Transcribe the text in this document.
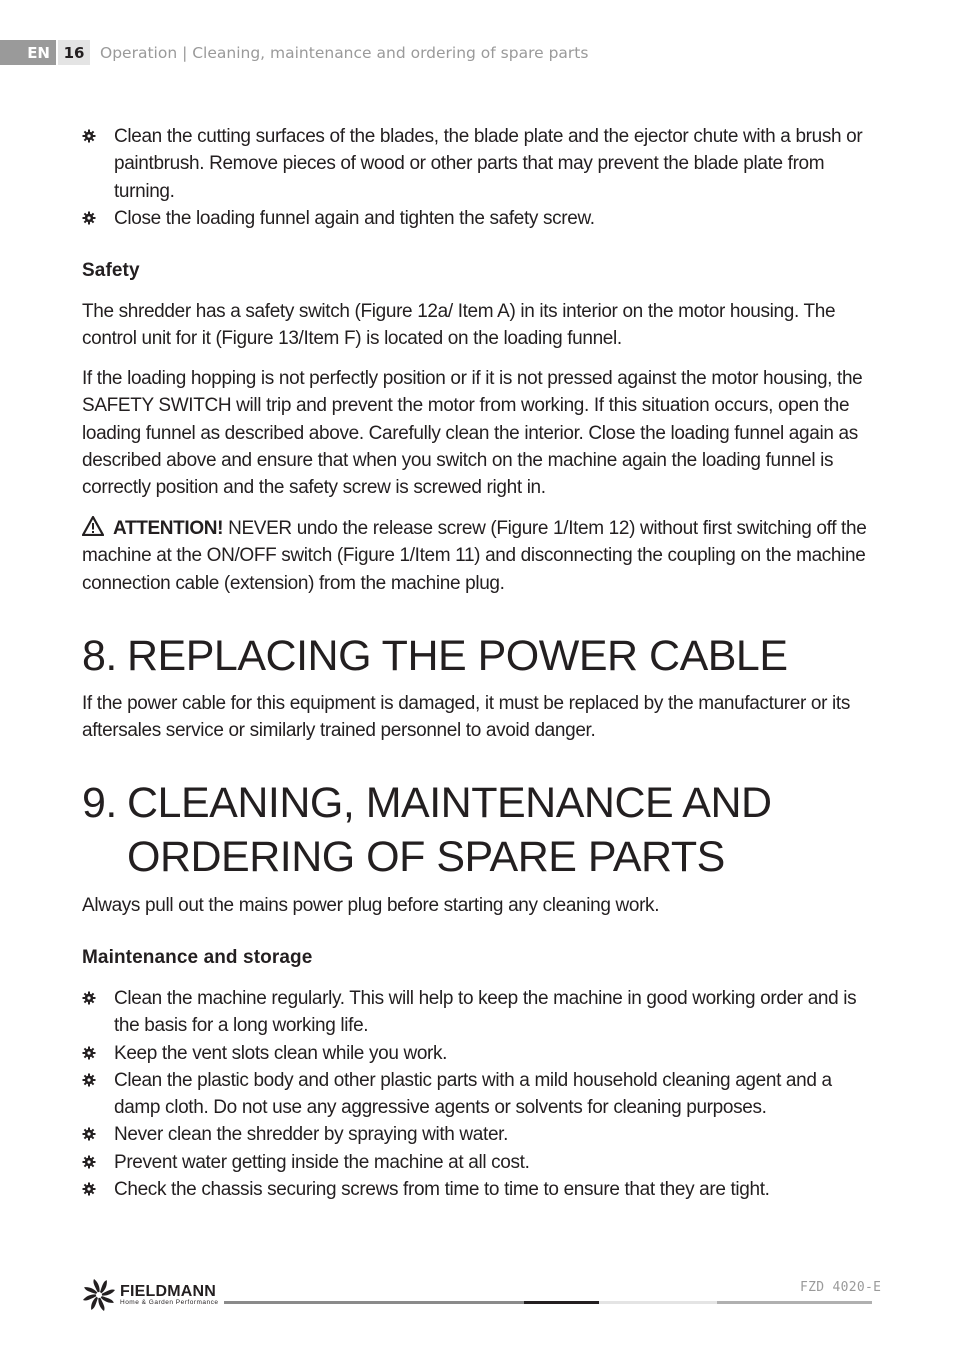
EN 16	Operation | Cleaning, maintenance and ordering of spare parts
Clean the cutting surfaces of the blades, the blade plate and the ejector chute with a brush or paintbrush. Remove pieces of wood or other parts that may prevent the blade plate from turning.
Close the loading funnel again and tighten the safety screw.
Safety
The shredder has a safety switch (Figure 12a/ Item A) in its interior on the motor housing. The control unit for it (Figure 13/Item F) is located on the loading funnel.
If the loading hopping is not perfectly position or if it is not pressed against the motor housing, the SAFETY SWITCH will trip and prevent the motor from working. If this situation occurs, open the loading funnel as described above. Carefully clean the interior. Close the loading funnel again as described above and ensure that when you switch on the machine again the loading funnel is correctly position and the safety screw is screwed right in.
ATTENTION! NEVER undo the release screw (Figure 1/Item 12) without first switching off the machine at the ON/OFF switch (Figure 1/Item 11) and disconnecting the coupling on the machine connection cable (extension) from the machine plug.
8. REPLACING THE POWER CABLE
If the power cable for this equipment is damaged, it must be replaced by the manufacturer or its aftersales service or similarly trained personnel to avoid danger.
9. CLEANING, MAINTENANCE AND
ORDERING OF SPARE PARTS
Always pull out the mains power plug before starting any cleaning work.
Maintenance and storage
Clean the machine regularly. This will help to keep the machine in good working order and is the basis for a long working life.
Keep the vent slots clean while you work.
Clean the plastic body and other plastic parts with a mild household cleaning agent and a damp cloth. Do not use any aggressive agents or solvents for cleaning purposes.
Never clean the shredder by spraying with water.
Prevent water getting inside the machine at all cost.
Check the chassis securing screws from time to time to ensure that they are tight.
FIELDMANN
Home & Garden Performance
FZD 4020-E
